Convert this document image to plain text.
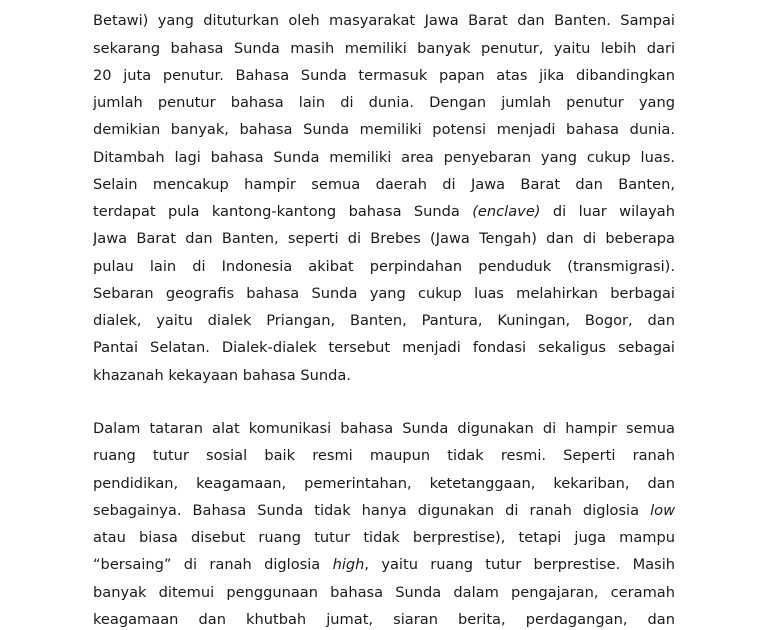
Betawi) yang dituturkan oleh masyarakat Jawa Barat dan Banten. Sampai
sekarang bahasa Sunda masih memiliki banyak penutur, yaitu lebih dari
20 juta penutur. Bahasa Sunda termasuk papan atas jika dibandingkan
jumlah penutur bahasa lain di dunia. Dengan jumlah penutur yang
demikian banyak, bahasa Sunda memiliki potensi menjadi bahasa dunia.
Ditambah lagi bahasa Sunda memiliki area penyebaran yang cukup luas.
Selain mencakup hampir semua daerah di Jawa Barat dan Banten,
terdapat pula kantong-kantong bahasa Sunda (enclave) di luar wilayah
Jawa Barat dan Banten, seperti di Brebes (Jawa Tengah) dan di beberapa
pulau lain di Indonesia akibat perpindahan penduduk (transmigrasi).
Sebaran geografis bahasa Sunda yang cukup luas melahirkan berbagai
dialek, yaitu dialek Priangan, Banten, Pantura, Kuningan, Bogor, dan
Pantai Selatan. Dialek-dialek tersebut menjadi fondasi sekaligus sebagai
khazanah kekayaan bahasa Sunda.
Dalam tataran alat komunikasi bahasa Sunda digunakan di hampir semua
ruang tutur sosial baik resmi maupun tidak resmi. Seperti ranah
pendidikan, keagamaan, pemerintahan, ketetanggaan, kekariban, dan
sebagainya. Bahasa Sunda tidak hanya digunakan di ranah diglosia low
atau biasa disebut ruang tutur tidak berprestise), tetapi juga mampu
“bersaing” di ranah diglosia high, yaitu ruang tutur berprestise. Masih
banyak ditemui penggunaan bahasa Sunda dalam pengajaran, ceramah
keagamaan dan khutbah jumat, siaran berita, perdagangan, dan
